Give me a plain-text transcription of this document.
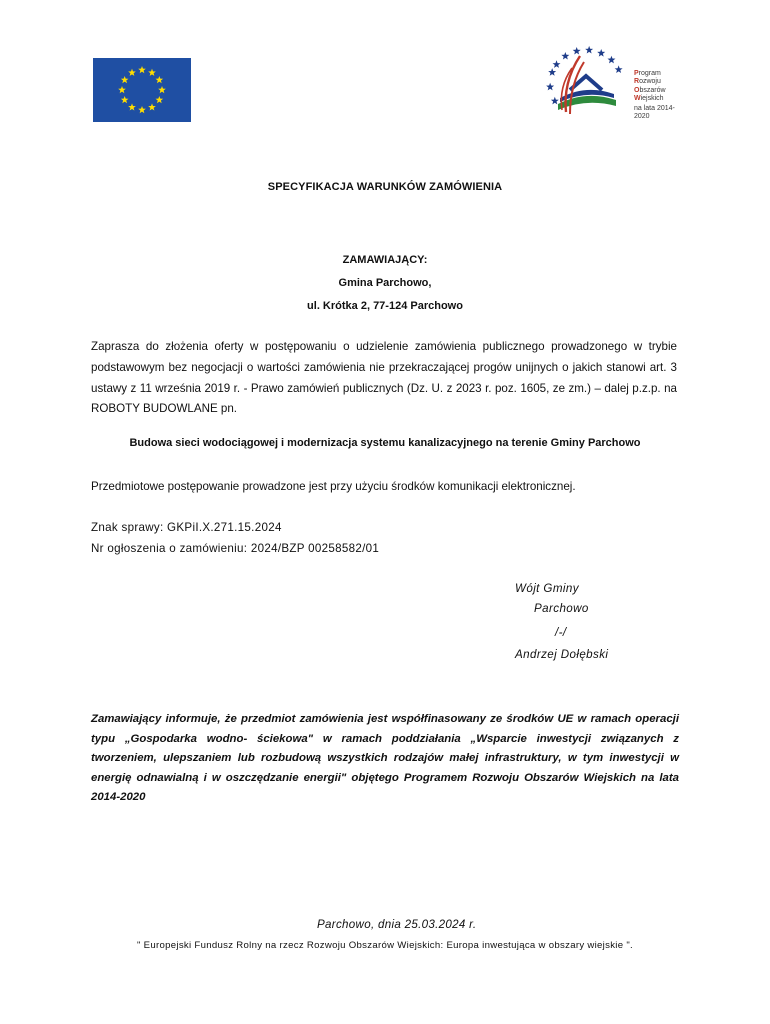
Program
Rozwoju
Obszarów
Wiejskich
na lata 2014-2020
SPECYFIKACJA WARUNKÓW ZAMÓWIENIA
ZAMAWIAJĄCY:
Gmina Parchowo,
ul. Krótka 2, 77-124 Parchowo
Zaprasza do złożenia oferty w postępowaniu o udzielenie zamówienia publicznego prowadzonego w trybie podstawowym bez negocjacji o wartości zamówienia nie przekraczającej progów unijnych o jakich stanowi art. 3 ustawy z 11 września 2019 r. - Prawo zamówień publicznych (Dz. U. z 2023 r. poz. 1605, ze zm.) – dalej p.z.p. na ROBOTY BUDOWLANE pn.
Budowa sieci wodociągowej i modernizacja systemu kanalizacyjnego na terenie Gminy Parchowo
Przedmiotowe postępowanie prowadzone jest przy użyciu środków komunikacji elektronicznej.
Znak sprawy: GKPiI.X.271.15.2024
Nr ogłoszenia o zamówieniu: 2024/BZP 00258582/01
Wójt Gminy
Parchowo
/-/
Andrzej Dołębski
Zamawiający informuje, że przedmiot zamówienia jest współfinasowany ze środków UE w ramach operacji typu „Gospodarka wodno- ściekowa" w ramach poddziałania „Wsparcie inwestycji związanych z tworzeniem, ulepszaniem lub rozbudową wszystkich rodzajów małej infrastruktury, w tym inwestycji w energię odnawialną i w oszczędzanie energii" objętego Programem Rozwoju Obszarów Wiejskich na lata 2014-2020
Parchowo, dnia 25.03.2024 r.
" Europejski Fundusz Rolny na rzecz Rozwoju Obszarów Wiejskich: Europa inwestująca w obszary wiejskie ".
